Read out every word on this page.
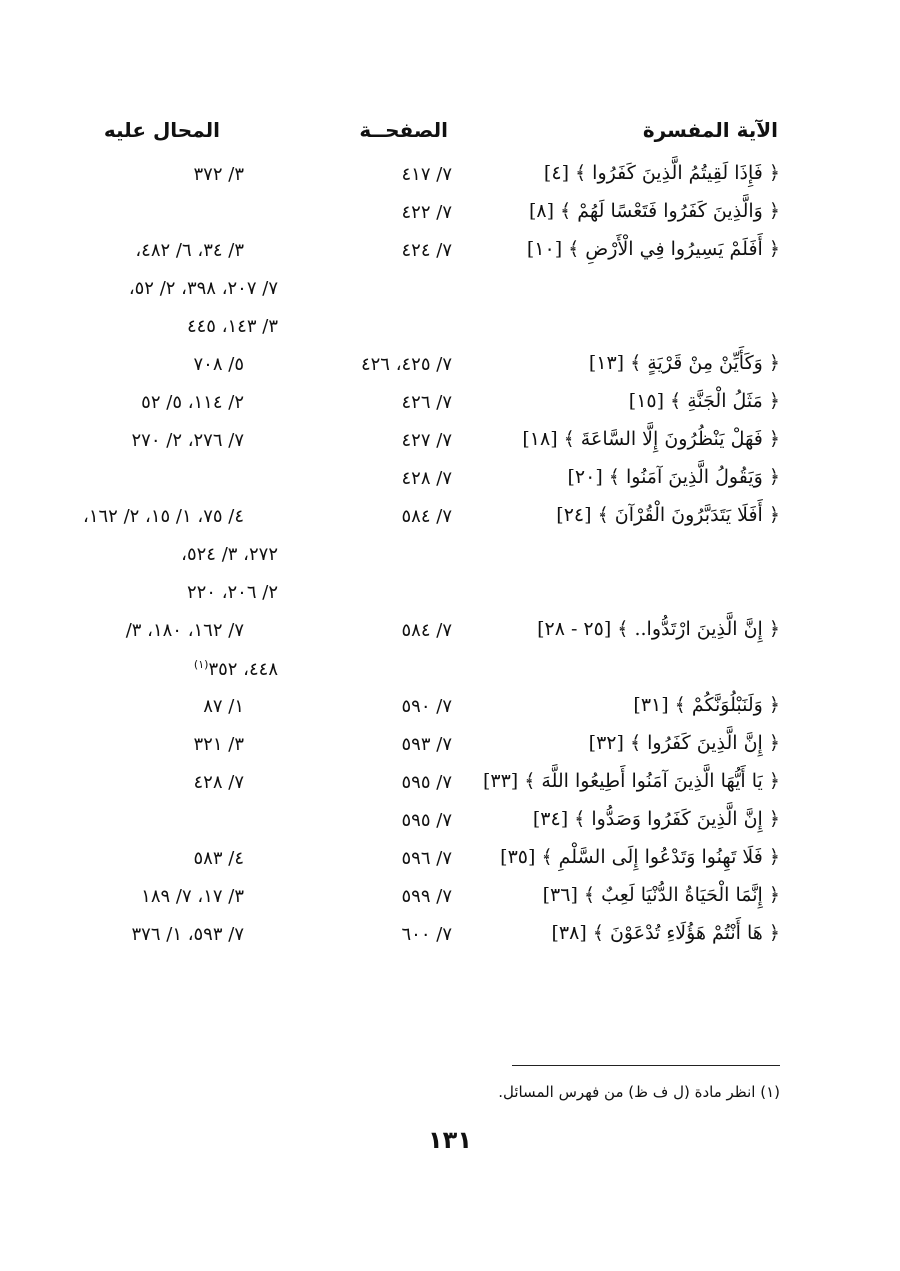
الآية المفسرة
الصفحــة
المحال عليه
﴿ فَإِذَا لَقِيتُمُ الَّذِينَ كَفَرُوا ﴾ [٤]
٧/ ٤١٧
٣/ ٣٧٢
﴿ وَالَّذِينَ كَفَرُوا فَتَعْسًا لَهُمْ ﴾ [٨]
٧/ ٤٢٢
﴿ أَفَلَمْ يَسِيرُوا فِي الْأَرْضِ ﴾ [١٠]
٧/ ٤٢٤
٣/ ٣٤، ٦/ ٤٨٢،
٧/ ٢٠٧، ٣٩٨، ٢/ ٥٢،
٣/ ١٤٣، ٤٤٥
﴿ وَكَأَيِّنْ مِنْ قَرْيَةٍ ﴾ [١٣]
٧/ ٤٢٥، ٤٢٦
٥/ ٧٠٨
﴿ مَثَلُ الْجَنَّةِ ﴾ [١٥]
٧/ ٤٢٦
٢/ ١١٤، ٥/ ٥٢
﴿ فَهَلْ يَنْظُرُونَ إِلَّا السَّاعَةَ ﴾ [١٨]
٧/ ٤٢٧
٧/ ٢٧٦، ٢/ ٢٧٠
﴿ وَيَقُولُ الَّذِينَ آمَنُوا ﴾ [٢٠]
٧/ ٤٢٨
﴿ أَفَلَا يَتَدَبَّرُونَ الْقُرْآنَ ﴾ [٢٤]
٧/ ٥٨٤
٤/ ٧٥، ١/ ١٥، ٢/ ١٦٢،
٢٧٢، ٣/ ٥٢٤،
٢/ ٢٠٦، ٢٢٠
﴿ إِنَّ الَّذِينَ ارْتَدُّوا.. ﴾ [٢٥ - ٢٨]
٧/ ٥٨٤
٧/ ١٦٢، ١٨٠، ٣/
٤٤٨، ٣٥٢$^{(١)}$
﴿ وَلَنَبْلُوَنَّكُمْ ﴾ [٣١]
٧/ ٥٩٠
١/ ٨٧
﴿ إِنَّ الَّذِينَ كَفَرُوا ﴾ [٣٢]
٧/ ٥٩٣
٣/ ٣٢١
﴿ يَا أَيُّهَا الَّذِينَ آمَنُوا أَطِيعُوا اللَّهَ ﴾ [٣٣]
٧/ ٥٩٥
٧/ ٤٢٨
﴿ إِنَّ الَّذِينَ كَفَرُوا وَصَدُّوا ﴾ [٣٤]
٧/ ٥٩٥
﴿ فَلَا تَهِنُوا وَتَدْعُوا إِلَى السَّلْمِ ﴾ [٣٥]
٧/ ٥٩٦
٤/ ٥٨٣
﴿ إِنَّمَا الْحَيَاةُ الدُّنْيَا لَعِبٌ ﴾ [٣٦]
٧/ ٥٩٩
٣/ ١٧، ٧/ ١٨٩
﴿ هَا أَنْتُمْ هَؤُلَاءِ تُدْعَوْنَ ﴾ [٣٨]
٧/ ٦٠٠
٧/ ٥٩٣، ١/ ٣٧٦
(١) انظر مادة (ل ف ظ) من فهرس المسائل.
١٣١
